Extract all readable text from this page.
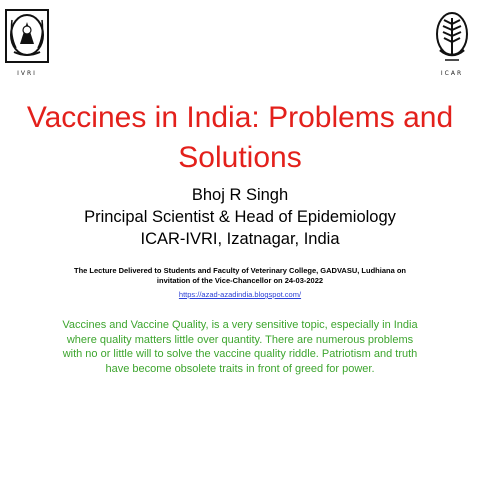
IVRI	ICAR
Vaccines in India: Problems and Solutions

Bhoj R Singh

Principal Scientist & Head of Epidemiology

ICAR-IVRI, Izatnagar, India

The Lecture Delivered to Students and Faculty of Veterinary College, GADVASU, Ludhiana on invitation of the Vice-Chancellor on 24-03-2022
https://azad-azadindia.blogspot.com/
Vaccines and Vaccine Quality, is a very sensitive topic, especially in India where quality matters little over quantity. There are numerous problems with no or little will to solve the vaccine quality riddle. Patriotism and truth have become obsolete traits in front of greed for power.
